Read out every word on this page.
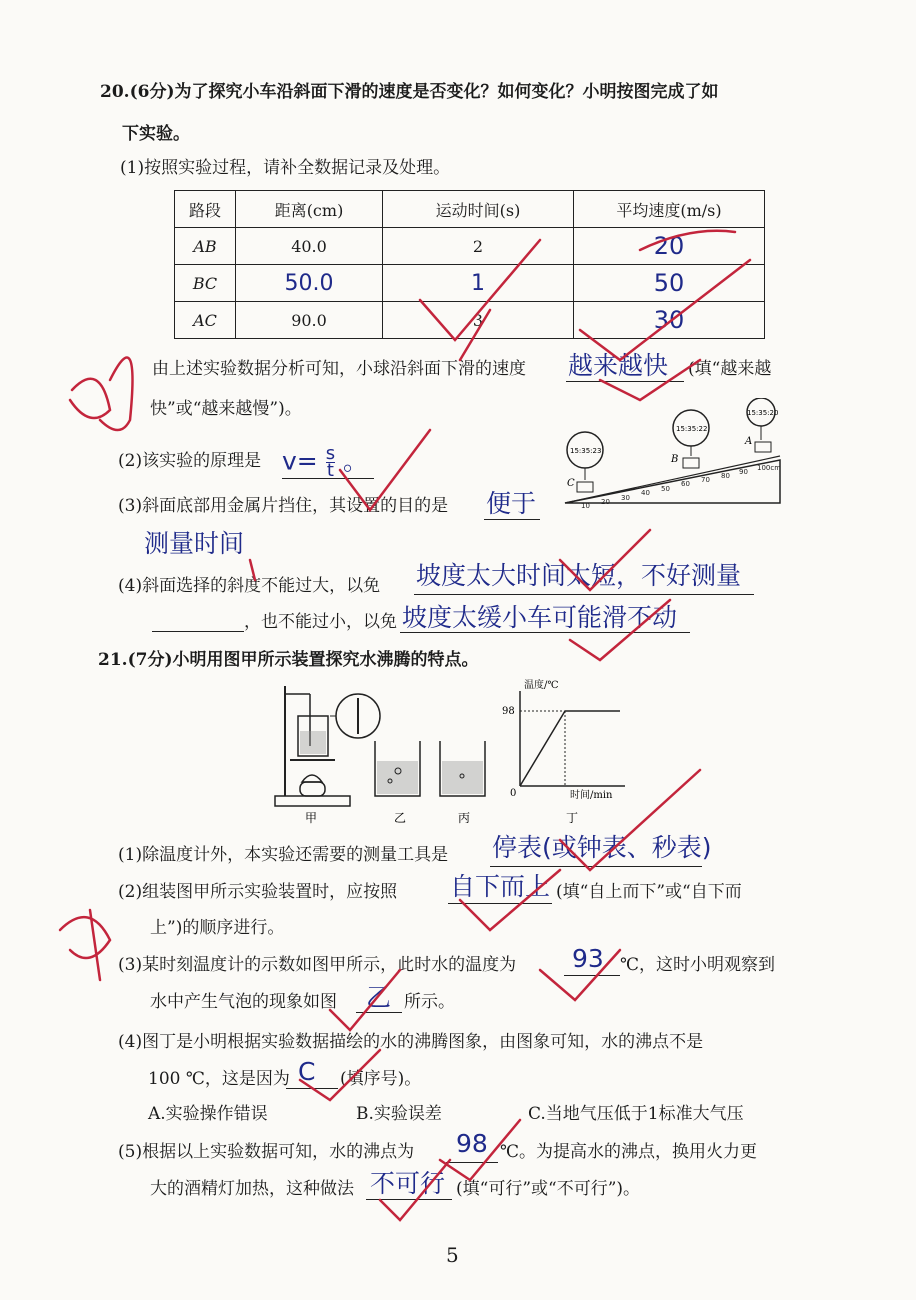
20.(6分)为了探究小车沿斜面下滑的速度是否变化？如何变化？小明按图完成了如
下实验。
(1)按照实验过程，请补全数据记录及处理。
路段	距离(cm)	运动时间(s)	平均速度(m/s)
AB	40.0	2	20
BC	50.0	1	50
AC	90.0	3	30
由上述实验数据分析可知，小球沿斜面下滑的速度 越来越快 (填“越来越
快”或“越来越慢”)。
(2)该实验的原理是 $v= \frac{s}{t}$ 。
(3)斜面底部用金属片挡住，其设置的目的是 便于
测量时间
(4)斜面选择的斜度不能过大，以免 坡度太大时间太短，不好测量
，也不能过小，以免 坡度太缓小车可能滑不动
10 20 30
40 50
60 70 80 90 100cm
C
B
A
15:35:23
15:35:22
15:35:20
21.(7分)小明用图甲所示装置探究水沸腾的特点。
98
0
温度/℃
时间/min
甲	乙	丙	丁
(1)除温度计外，本实验还需要的测量工具是 停表(或钟表、秒表)
(2)组装图甲所示实验装置时，应按照 自下而上 (填“自上而下”或“自下而
上”)的顺序进行。
(3)某时刻温度计的示数如图甲所示，此时水的温度为 93 ℃，这时小明观察到
水中产生气泡的现象如图 乙 所示。
(4)图丁是小明根据实验数据描绘的水的沸腾图象，由图象可知，水的沸点不是
100 ℃，这是因为 C (填序号)。
A.实验操作错误	B.实验误差	C.当地气压低于1标准大气压
(5)根据以上实验数据可知，水的沸点为 98 ℃。为提高水的沸点，换用火力更
大的酒精灯加热，这种做法 不可行 (填“可行”或“不可行”)。
5
